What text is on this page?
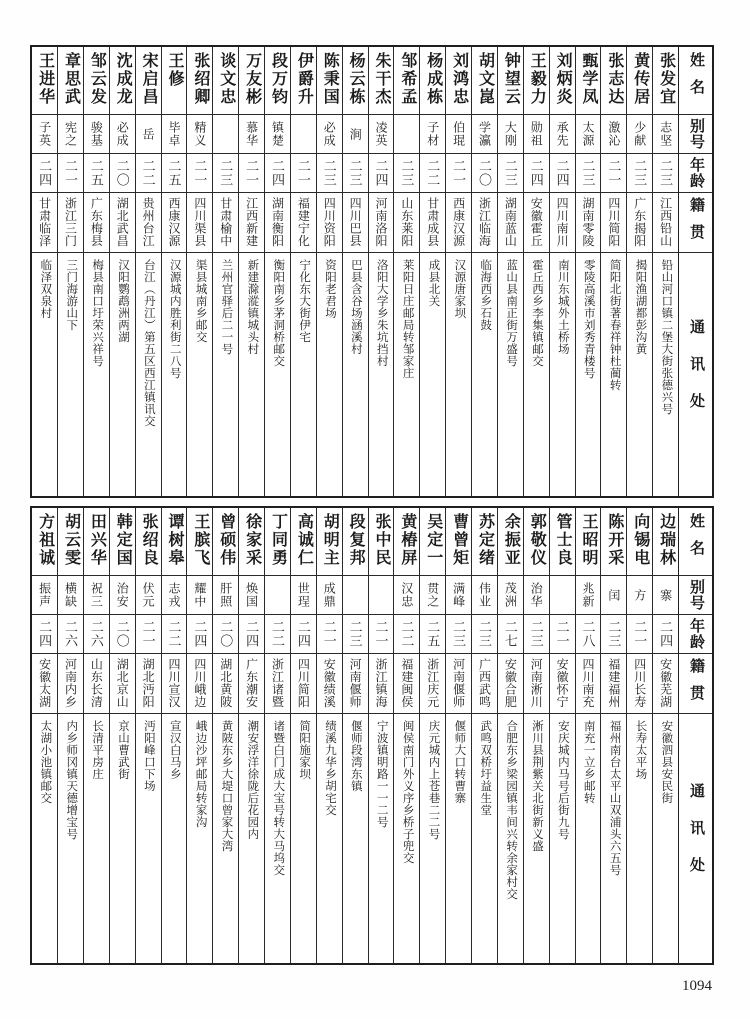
姓名
别号
年龄
籍贯
通讯处
张发宜
志坚
二三
江西铅山
铅山河口镇二堡大街张德兴号
黄传居
少献
二三
广东揭阳
揭阳渔湖都彭沟黄
张志达
激沁
二一
四川简阳
简阳北街著春祥钟杜蔺转
甄学凤
太源
二三
湖南零陵
零陵高溪市刘秀青楼号
刘炳炎
承先
二四
四川南川
南川东城外土桥场
王毅力
勋祖
二四
安徽霍丘
霍丘西乡李集镇邮交
钟望云
大刚
二三
湖南蓝山
蓝山县南正街万盛号
胡文崑
学瀛
二〇
浙江临海
临海西乡石鼓
刘鸿忠
伯琨
二一
西康汉源
汉源唐家坝
杨成栋
子材
二二
甘肃成县
成县北关
邹希孟
二三
山东莱阳
莱阳日庄邮局转邹家庄
朱干杰
凌英
二四
河南洛阳
洛阳大学乡朱坑挡村
杨云栋
涧
二三
四川巴县
巴县含谷场涵溪村
陈秉国
必成
二三
四川资阳
资阳老君场
伊爵升
二一
福建宁化
宁化东大街伊宅
段万钧
镇楚
二四
湖南衡阳
衡阳南乡茅洞桥邮交
万友彬
慕华
二一
江西新建
新建滁漎镇城头村
谈文忠
二三
甘肃榆中
兰州官驿后二一号
张绍卿
精义
二一
四川渠县
渠县城南乡邮交
王修
毕卓
二五
西康汉源
汉源城内胜利街二八号
宋启昌
岳
二二
贵州台江
台江（丹江）第五区西江镇讯交
沈成龙
必成
二〇
湖北武昌
汉阳鹦鹉洲两湖
邹云发
骏基
二五
广东梅县
梅县南口圩荣兴祥号
章思武
宪之
二一
浙江三门
三门海游山下
王进华
子英
二四
甘肃临泽
临泽双泉村
姓名
别号
年龄
籍贯
通讯处
边瑞林
寨
二四
安徽芜湖
安徽泗县安民街
向锡电
方
二一
四川长寿
长寿太平场
陈开采
闰
二三
福建福州
福州南台太平山双浦头六五号
王昭明
兆新
二八
四川南充
南充一立乡邮转
管士良
二一
安徽怀宁
安庆城内马号后街九号
郭敬仪
治华
二三
河南淅川
淅川县荆紫关北街新义盛
余振亚
茂洲
二七
安徽合肥
合肥东乡梁园镇韦间兴转余家村交
苏定绪
伟业
二三
广西武鸣
武鸣双桥圩益生堂
曹曾矩
满峰
二三
河南偃师
偃师大口转曹寨
吴定一
贯之
二五
浙江庆元
庆元城内上苍巷二二号
黄椿屏
汉忠
二二
福建闽侯
闽侯南门外义序乡桥子兜交
张中民
二一
浙江镇海
宁波镇明路一一二号
段复邦
二三
河南偃师
偃师段湾东镇
胡明主
成鼎
二一
安徽绩溪
绩溪九华乡胡宅交
高诚仁
世珵
二四
四川简阳
简阳施家坝
丁同勇
二二
浙江诸暨
诸暨白门成大宝号转大马坞交
徐家采
焕国
二四
广东潮安
潮安浮洋徐陇后花园内
曾硕伟
肝照
二〇
湖北黄陂
黄陂东乡大堤口曾家大湾
王膑飞
耀中
二四
四川峨边
峨边沙坪邮局转家沟
谭树皋
志戎
二二
四川宣汉
宣汉白马乡
张绍良
伏元
二一
湖北沔阳
沔阳峰口下场
韩定国
治安
二〇
湖北京山
京山曹武街
田兴华
祝三
二六
山东长清
长清平房庄
胡云雯
横缺
二六
河南内乡
内乡师冈镇天德增宝号
方祖诚
振声
二四
安徽太湖
太湖小池镇邮交
1094
